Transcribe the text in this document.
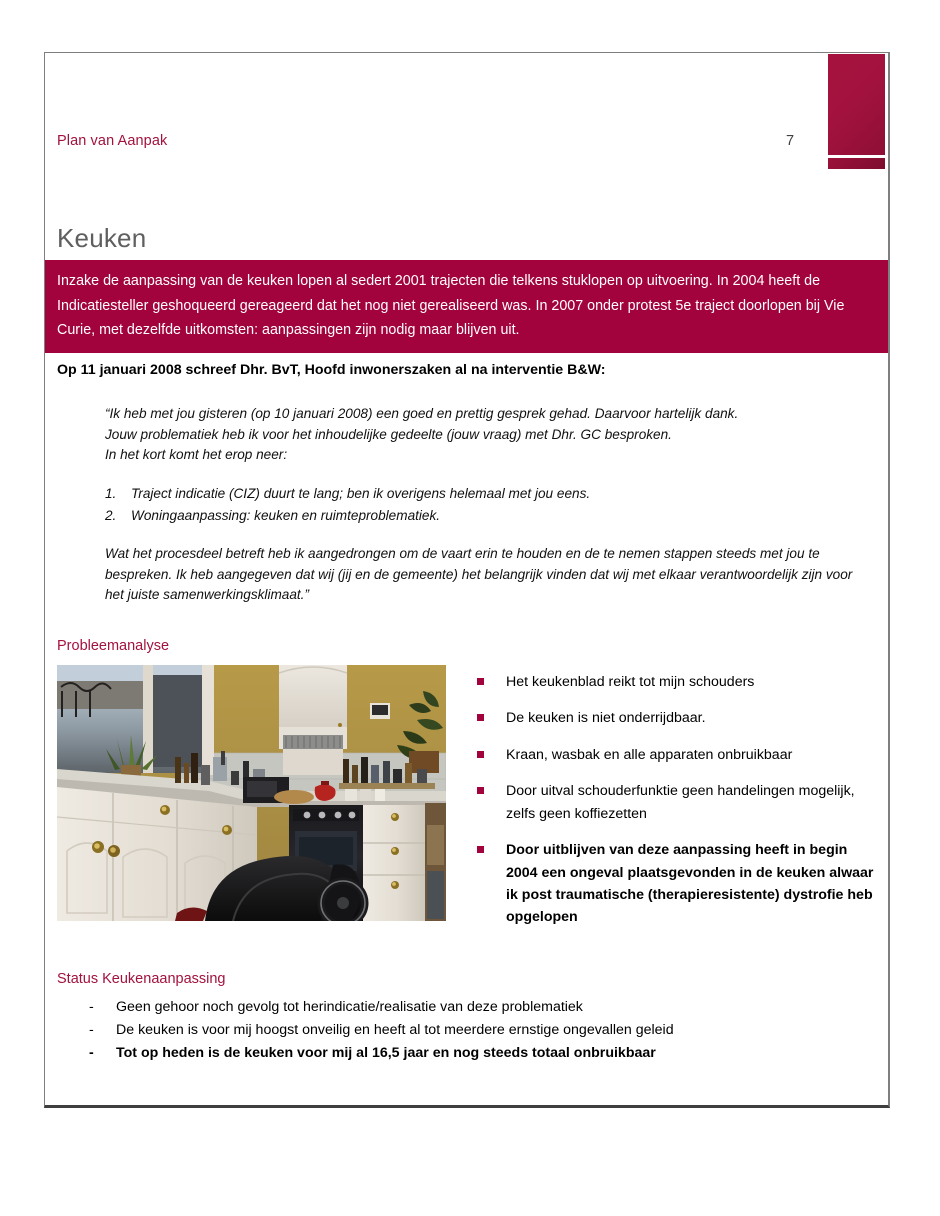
Plan van Aanpak	7
Keuken
Inzake de aanpassing van de keuken lopen al sedert 2001 trajecten die telkens stuklopen op uitvoering. In 2004 heeft de Indicatiesteller geshoqueerd gereageerd dat het nog niet gerealiseerd was. In 2007 onder protest 5e traject doorlopen bij Vie Curie, met dezelfde uitkomsten: aanpassingen zijn nodig maar blijven uit.
Op 11 januari 2008 schreef Dhr. BvT, Hoofd inwonerszaken al na interventie B&W:

“Ik heb met jou gisteren (op 10 januari 2008) een goed en prettig gesprek gehad. Daarvoor hartelijk dank.

Jouw problematiek heb ik voor het inhoudelijke gedeelte (jouw vraag) met Dhr. GC besproken.

In het kort komt het erop neer:

1. Traject indicatie (CIZ) duurt te lang; ben ik overigens helemaal met jou eens.
2. Woningaanpassing: keuken en ruimteproblematiek.

Wat het procesdeel betreft heb ik aangedrongen om de vaart erin te houden en de te nemen stappen steeds met jou te bespreken. Ik heb aangegeven dat wij (jij en de gemeente) het belangrijk vinden dat wij met elkaar verantwoordelijk zijn voor het juiste samenwerkingsklimaat.”

Probleemanalyse
Het keukenblad reikt tot mijn schouders
De keuken is niet onderrijdbaar.
Kraan, wasbak en alle apparaten onbruikbaar
Door uitval schouderfunktie geen handelingen mogelijk, zelfs geen koffiezetten
Door uitblijven van deze aanpassing heeft in begin 2004 een ongeval plaatsgevonden in de keuken alwaar ik post traumatische (therapieresistente) dystrofie heb opgelopen
Status Keukenaanpassing
- Geen gehoor noch gevolg tot herindicatie/realisatie van deze problematiek
- De keuken is voor mij hoogst onveilig en heeft al tot meerdere ernstige ongevallen geleid
- Tot op heden is de keuken voor mij al 16,5 jaar en nog steeds totaal onbruikbaar
